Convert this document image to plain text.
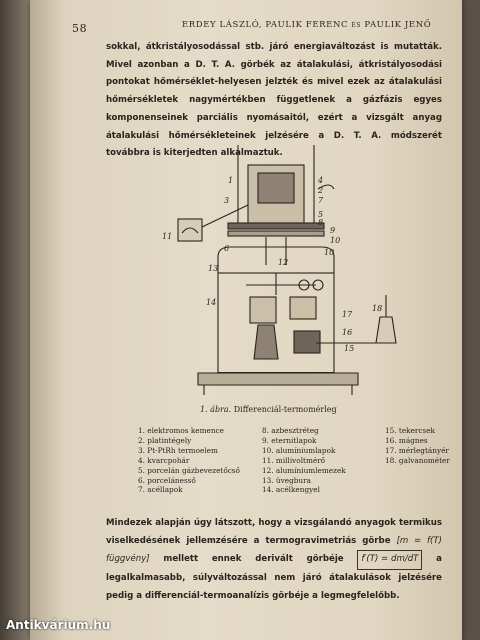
58	ERDEY LÁSZLÓ, PAULIK FERENC és PAULIK JENŐ

sokkal, átkristályosodással stb. járó energiaváltozást is mutatták. Mivel azonban a D. T. A. görbék az átalakulási, átkristályosodási pontokat hőmérséklet-helyesen jelzték és mivel ezek az átalakulási hőmérsékletek nagymértékben függetlenek a gázfázis egyes komponenseinek parciális nyomásaitól, ezért a vizsgált anyag átalakulási hőmérsékleteinek jelzésére a D. T. A. módszerét továbbra is kiterjedten alkalmaztuk.

1
2
3
4
5
6
7
8
9
10
10
11
12
13
14
15
16
17
18
1. ábra. Differenciál-termomérleg
1. elektromos kemence
2. platintégely
3. Pt-PtRh termoelem
4. kvarcpohár
5. porcelán gázbevezetőcső
6. porcelánesső
7. acéllapok
8. azbesztréteg
9. eternitlapok
10. alumíniumlapok
11. millivoltmérő
12. alumíniumlemezek
13. üvegbura
14. acélkengyel
15. tekercsek
16. mágnes
17. mérlegtányér
18. galvanométer

Mindezek alapján úgy látszott, hogy a vizsgálandó anyagok termikus viselkedésének jellemzésére a termogravimetriás görbe [m = f(T) függvény] mellett ennek derivált görbéje f′(T) = dm/dT a legalkalmasabb, súlyváltozással nem járó átalakulások jelzésére pedig a differenciál-termoanalízis görbéje a legmegfelelőbb.

Antikvárium.hu
